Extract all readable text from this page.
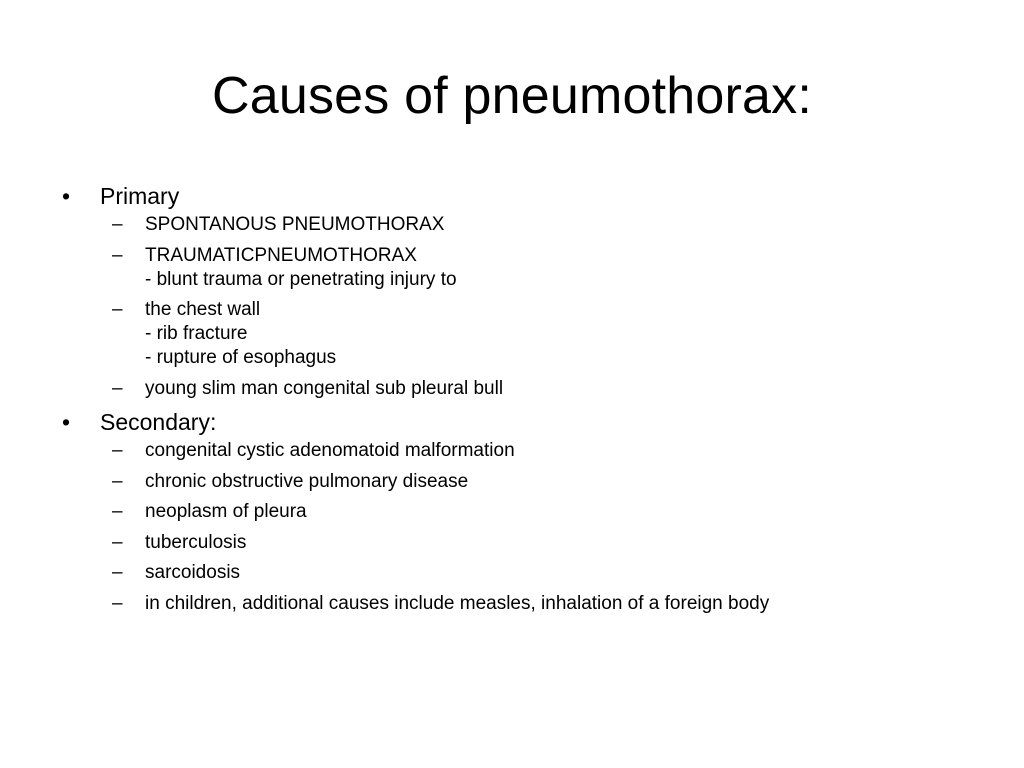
Causes of pneumothorax:
•	Primary
– SPONTANOUS PNEUMOTHORAX
– TRAUMATICPNEUMOTHORAX
- blunt trauma or penetrating injury to
– the chest wall
- rib fracture
- rupture of esophagus
– young slim man congenital sub pleural bull
•	Secondary:
– congenital cystic adenomatoid malformation
– chronic obstructive pulmonary disease
– neoplasm of pleura
– tuberculosis
– sarcoidosis
– in children, additional causes include measles, inhalation of a foreign body
